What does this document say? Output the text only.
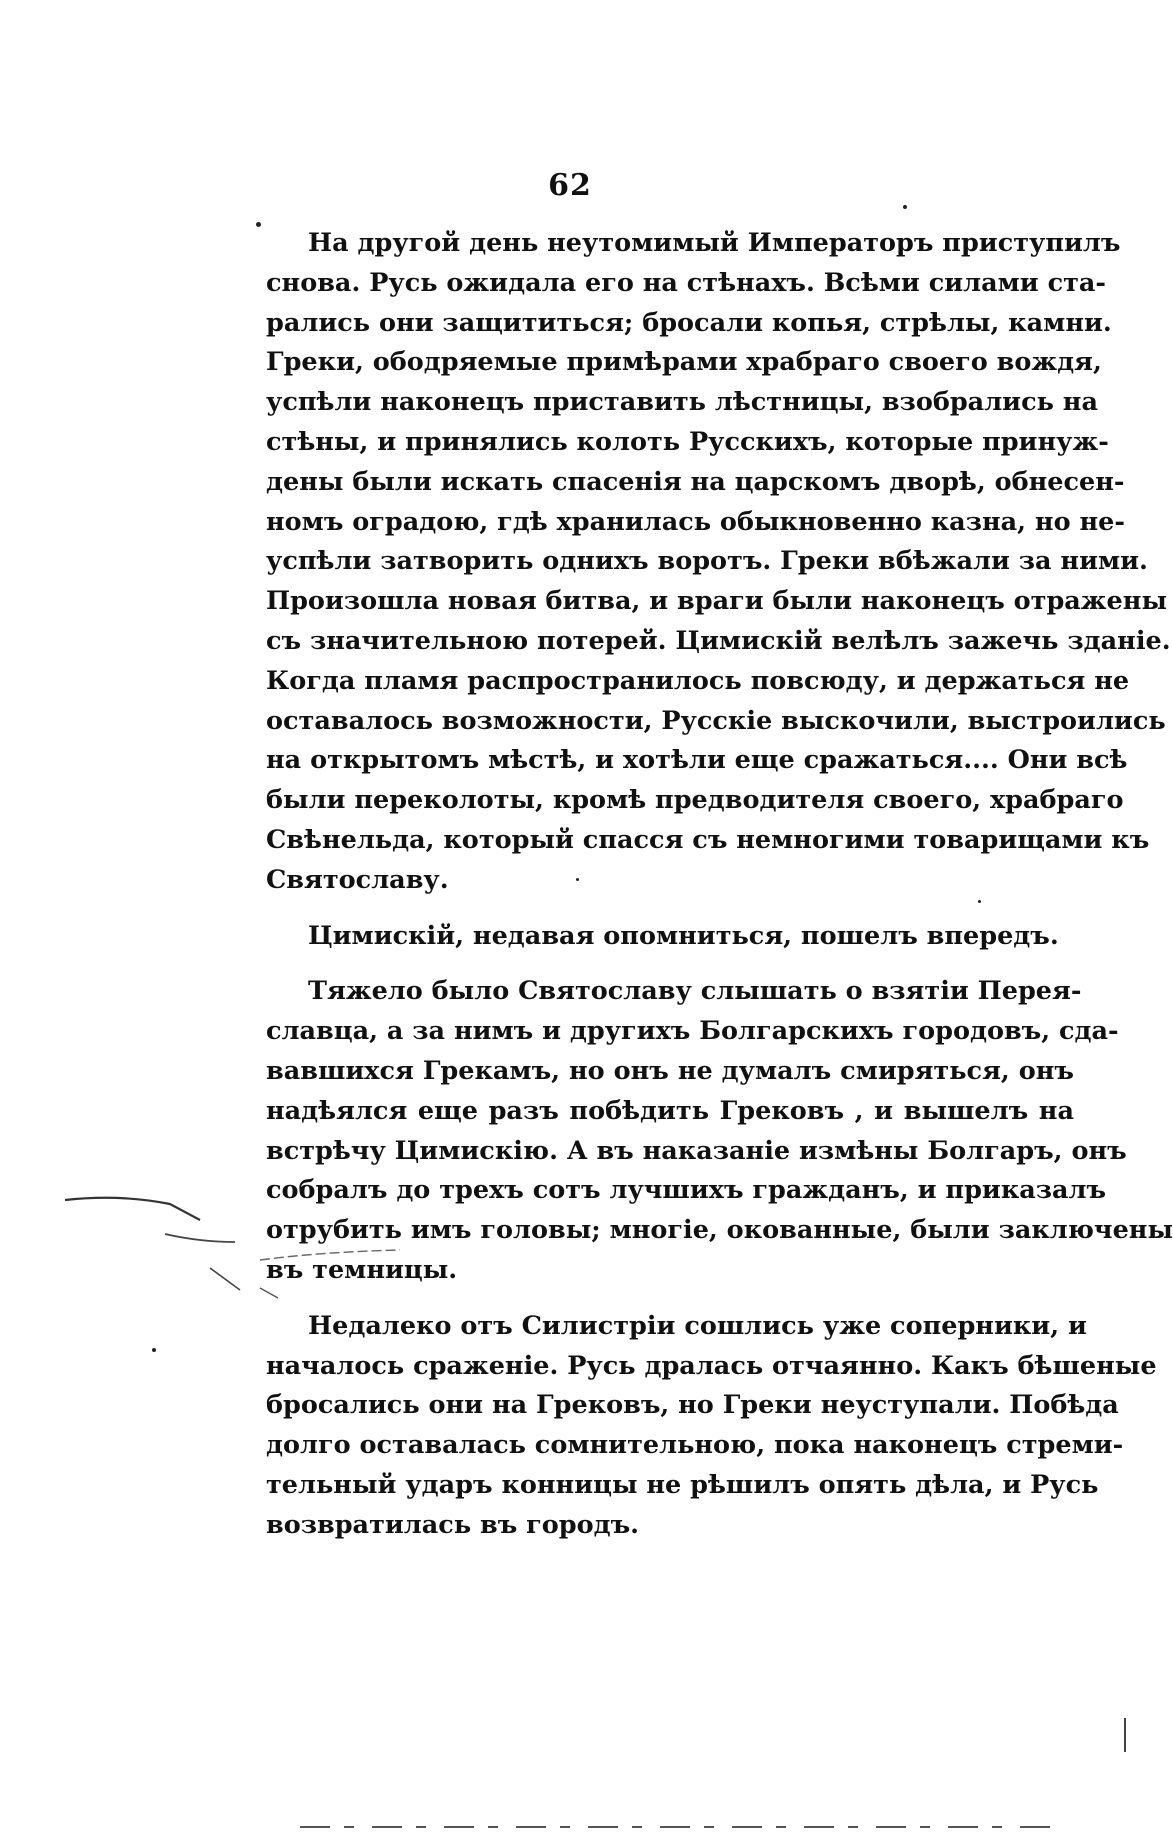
62
На другой день неутомимый Императоръ приступилъ
снова. Русь ожидала его на стѣнахъ. Всѣми силами ста-
рались они защититься; бросали копья, стрѣлы, камни.
Греки, ободряемые примѣрами храбраго своего вождя,
успѣли наконецъ приставить лѣстницы, взобрались на
стѣны, и принялись колоть Русскихъ, которые принуж-
дены были искать спасенія на царскомъ дворѣ, обнесен-
номъ оградою, гдѣ хранилась обыкновенно казна, но не-
успѣли затворить однихъ воротъ. Греки вбѣжали за ними.
Произошла новая битва, и враги были наконецъ отражены
съ значительною потерей. Цимискій велѣлъ зажечь зданіе.
Когда пламя распространилось повсюду, и держаться не
оставалось возможности, Русскіе выскочили, выстроились
на открытомъ мѣстѣ, и хотѣли еще сражаться.... Они всѣ
были переколоты, кромѣ предводителя своего, храбраго
Свѣнельда, который спасся съ немногими товарищами къ
Святославу.
Цимискій, недавая опомниться, пошелъ впередъ.
Тяжело было Святославу слышать о взятіи Перея-
славца, а за нимъ и другихъ Болгарскихъ городовъ, сда-
вавшихся Грекамъ, но онъ не думалъ смиряться, онъ
надѣялся еще разъ побѣдить Грековъ , и вышелъ на
встрѣчу Цимискію. А въ наказаніе измѣны Болгаръ, онъ
собралъ до трехъ сотъ лучшихъ гражданъ, и приказалъ
отрубить имъ головы; многіе, окованные, были заключены
въ темницы.
Недалеко отъ Силистріи сошлись уже соперники, и
началось сраженіе. Русь дралась отчаянно. Какъ бѣшеные
бросались они на Грековъ, но Греки неуступали. Побѣда
долго оставалась сомнительною, пока наконецъ стреми-
тельный ударъ конницы не рѣшилъ опять дѣла, и Русь
возвратилась въ городъ.
